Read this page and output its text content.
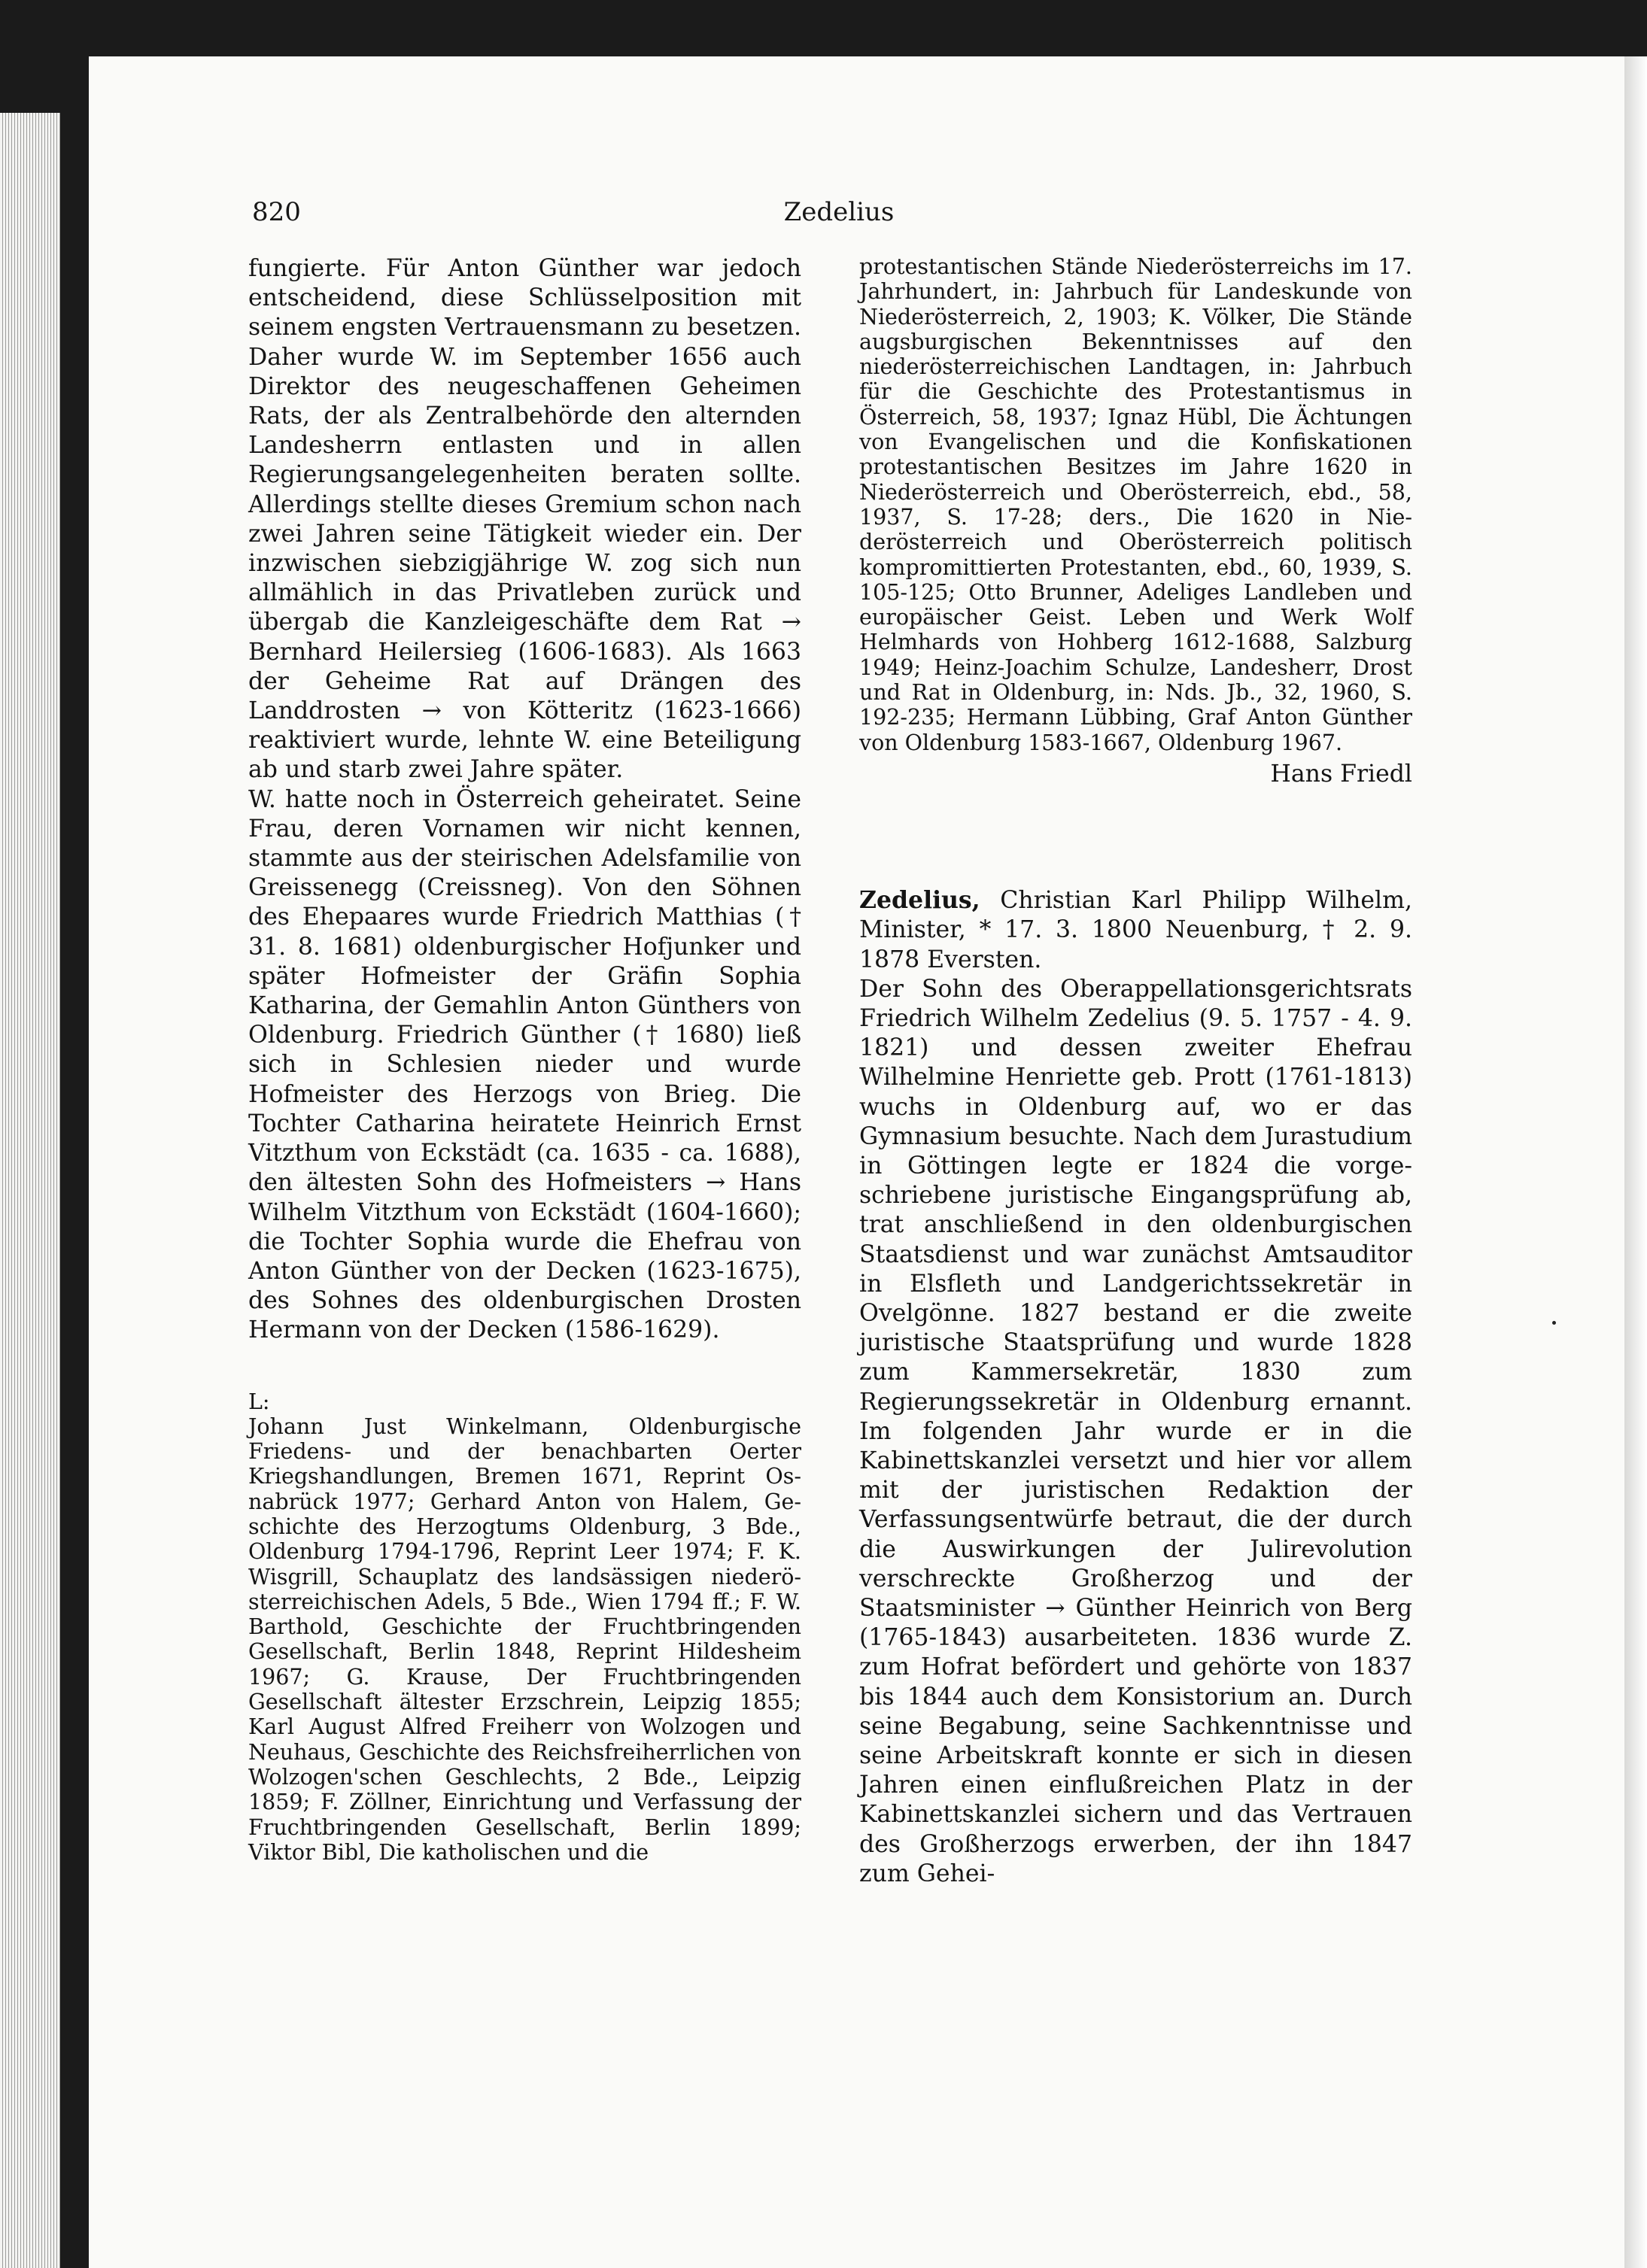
820	Zedelius

fungierte. Für Anton Günther war jedoch entscheidend, diese Schlüsselposition mit seinem engsten Vertrauensmann zu besetzen. Daher wurde W. im September 1656 auch Direktor des neugeschaffenen Geheimen Rats, der als Zentralbehörde den alternden Landesherrn entlasten und in allen Regierungsangelegenheiten beraten sollte. Allerdings stellte dieses Gremium schon nach zwei Jahren seine Tätigkeit wieder ein. Der inzwischen siebzigjährige W. zog sich nun allmählich in das Privatleben zurück und übergab die Kanzleigeschäfte dem Rat → Bernhard Heilersieg (1606-1683). Als 1663 der Geheime Rat auf Drängen des Landdrosten → von Kötteritz (1623-1666) reaktiviert wurde, lehnte W. eine Beteiligung ab und starb zwei Jahre später.

W. hatte noch in Österreich geheiratet. Seine Frau, deren Vornamen wir nicht kennen, stammte aus der steirischen Adelsfamilie von Greissenegg (Creissneg). Von den Söhnen des Ehepaares wurde Friedrich Matthias († 31. 8. 1681) oldenburgischer Hofjunker und später Hofmeister der Gräfin Sophia Katharina, der Gemahlin Anton Günthers von Oldenburg. Friedrich Günther († 1680) ließ sich in Schlesien nieder und wurde Hofmeister des Herzogs von Brieg. Die Tochter Catharina heiratete Heinrich Ernst Vitzthum von Eckstädt (ca. 1635 - ca. 1688), den ältesten Sohn des Hofmeisters → Hans Wilhelm Vitzthum von Eckstädt (1604-1660); die Tochter Sophia wurde die Ehefrau von Anton Günther von der Decken (1623-1675), des Sohnes des oldenburgischen Drosten Hermann von der Decken (1586-1629).

L:

Johann Just Winkelmann, Oldenburgische Friedens- und der benachbarten Oerter Kriegshandlungen, Bremen 1671, Reprint Osnabrück 1977; Gerhard Anton von Halem, Geschichte des Herzogtums Oldenburg, 3 Bde., Oldenburg 1794-1796, Reprint Leer 1974; F. K. Wisgrill, Schauplatz des landsässigen niederösterreichischen Adels, 5 Bde., Wien 1794 ff.; F. W. Barthold, Geschichte der Fruchtbringenden Gesellschaft, Berlin 1848, Reprint Hildesheim 1967; G. Krause, Der Fruchtbringenden Gesellschaft ältester Erzschrein, Leipzig 1855; Karl August Alfred Freiherr von Wolzogen und Neuhaus, Geschichte des Reichsfreiherrlichen von Wolzogen'schen Geschlechts, 2 Bde., Leipzig 1859; F. Zöllner, Einrichtung und Verfassung der Fruchtbringenden Gesellschaft, Berlin 1899; Viktor Bibl, Die katholischen und die

protestantischen Stände Niederösterreichs im 17. Jahrhundert, in: Jahrbuch für Landeskunde von Niederösterreich, 2, 1903; K. Völker, Die Stände augsburgischen Bekenntnisses auf den niederösterreichischen Landtagen, in: Jahrbuch für die Geschichte des Protestantismus in Österreich, 58, 1937; Ignaz Hübl, Die Ächtungen von Evangelischen und die Konfiskationen protestantischen Besitzes im Jahre 1620 in Niederösterreich und Oberösterreich, ebd., 58, 1937, S. 17-28; ders., Die 1620 in Niederösterreich und Oberösterreich politisch kompromittierten Protestanten, ebd., 60, 1939, S. 105-125; Otto Brunner, Adeliges Landleben und europäischer Geist. Leben und Werk Wolf Helmhards von Hohberg 1612-1688, Salzburg 1949; Heinz-Joachim Schulze, Landesherr, Drost und Rat in Oldenburg, in: Nds. Jb., 32, 1960, S. 192-235; Hermann Lübbing, Graf Anton Günther von Oldenburg 1583-1667, Oldenburg 1967.

Hans Friedl

Zedelius, Christian Karl Philipp Wilhelm, Minister, * 17. 3. 1800 Neuenburg, † 2. 9. 1878 Eversten.

Der Sohn des Oberappellationsgerichtsrats Friedrich Wilhelm Zedelius (9. 5. 1757 - 4. 9. 1821) und dessen zweiter Ehefrau Wilhelmine Henriette geb. Prott (1761-1813) wuchs in Oldenburg auf, wo er das Gymnasium besuchte. Nach dem Jurastudium in Göttingen legte er 1824 die vorgeschriebene juristische Eingangsprüfung ab, trat anschließend in den oldenburgischen Staatsdienst und war zunächst Amtsauditor in Elsfleth und Landgerichtssekretär in Ovelgönne. 1827 bestand er die zweite juristische Staatsprüfung und wurde 1828 zum Kammersekretär, 1830 zum Regierungssekretär in Oldenburg ernannt. Im folgenden Jahr wurde er in die Kabinettskanzlei versetzt und hier vor allem mit der juristischen Redaktion der Verfassungsentwürfe betraut, die der durch die Auswirkungen der Julirevolution verschreckte Großherzog und der Staatsminister → Günther Heinrich von Berg (1765-1843) ausarbeiteten. 1836 wurde Z. zum Hofrat befördert und gehörte von 1837 bis 1844 auch dem Konsistorium an. Durch seine Begabung, seine Sachkenntnisse und seine Arbeitskraft konnte er sich in diesen Jahren einen einflußreichen Platz in der Kabinettskanzlei sichern und das Vertrauen des Großherzogs erwerben, der ihn 1847 zum Gehei-
